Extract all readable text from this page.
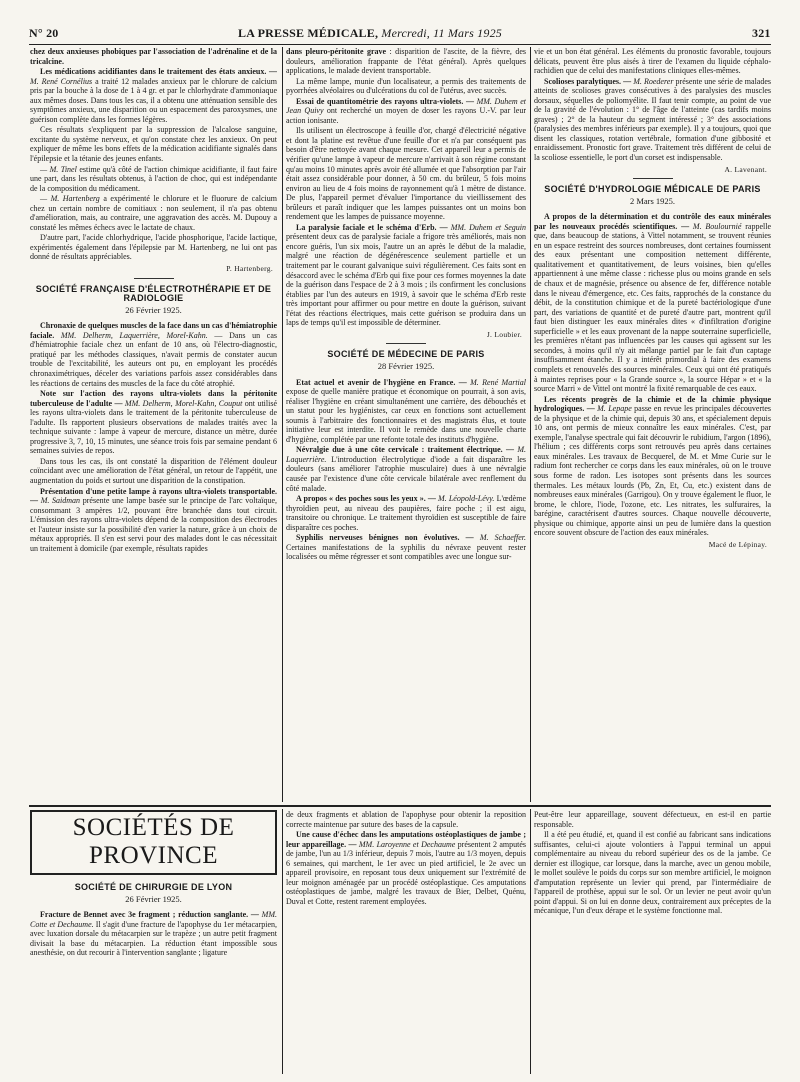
N° 20	LA PRESSE MÉDICALE, Mercredi, 11 Mars 1925	321

chez deux anxieuses phobiques par l'association de l'adrénaline et de la tricalcine.

Les médications acidifiantes dans le traitement des états anxieux. — M. René Cornélius a traité 12 malades anxieux par le chlorure de calcium pris par la bouche à la dose de 1 à 4 gr. et par le chlorhydrate d'ammoniaque aux mêmes doses. Dans tous les cas, il a obtenu une atténuation sensible des symptômes anxieux, une disparition ou un espacement des paroxysmes, une guérison complète dans les formes légères.

Ces résultats s'expliquent par la suppression de l'alcalose sanguine, excitante du système nerveux, et qu'on constate chez les anxieux. On peut expliquer de même les bons effets de la médication acidifiante signalés dans l'épilepsie et la tétanie des jeunes enfants.

— M. Tinel estime qu'à côté de l'action chimique acidifiante, il faut faire une part, dans les résultats obtenus, à l'action de choc, qui est indépendante de la composition du médicament.

— M. Hartenberg a expérimenté le chlorure et le fluorure de calcium chez un certain nombre de comitiaux : non seulement, il n'a pas obtenu d'amélioration, mais, au contraire, une aggravation des accès. M. Dupouy a constaté les mêmes échecs avec le lactate de chaux.

D'autre part, l'acide chlorhydrique, l'acide phosphorique, l'acide lactique, expérimentés également dans l'épilepsie par M. Hartenberg, ne lui ont pas donné de résultats appréciables.

P. Hartenberg.
SOCIÉTÉ FRANÇAISE D'ÉLECTROTHÉRAPIE ET DE RADIOLOGIE
26 Février 1925.

Chronaxie de quelques muscles de la face dans un cas d'hémiatrophie faciale. MM. Delherm, Laquerrière, Morel-Kahn. — Dans un cas d'hémiatrophie faciale chez un enfant de 10 ans, où l'électro-diagnostic, pratiqué par les méthodes classiques, n'avait permis de constater aucun trouble de l'excitabilité, les auteurs ont pu, en employant les procédés chronaximétriques, déceler des variations parfois assez considérables dans les réactions de certains des muscles de la face du côté atrophié.

Note sur l'action des rayons ultra-violets dans la péritonite tuberculeuse de l'adulte — MM. Delherm, Morel-Kahn, Couput ont utilisé les rayons ultra-violets dans le traitement de la péritonite tuberculeuse de l'adulte. Ils rapportent plusieurs observations de malades traités avec la technique suivante : lampe à vapeur de mercure, distance un mètre, durée progressive 3, 7, 10, 15 minutes, une séance trois fois par semaine pendant 6 semaines suivies de repos.

Dans tous les cas, ils ont constaté la disparition de l'élément douleur coïncidant avec une amélioration de l'état général, un retour de l'appétit, une augmentation du poids et surtout une disparition de la constipation.

Présentation d'une petite lampe à rayons ultra-violets transportable. — M. Saidman présente une lampe basée sur le principe de l'arc voltaïque, consommant 3 ampères 1/2, pouvant être branchée dans tout circuit. L'émission des rayons ultra-violets dépend de la composition des électrodes et l'auteur insiste sur la possibilité d'en varier la nature, grâce à un choix de métaux appropriés. Il s'en est servi pour des malades dont le cas nécessitait un traitement à domicile (par exemple, résultats rapides

dans pleuro-péritonite grave : disparition de l'ascite, de la fièvre, des douleurs, amélioration frappante de l'état général). Après quelques applications, le malade devient transportable.

La même lampe, munie d'un localisateur, a permis des traitements de pyorrhées alvéolaires ou d'ulcérations du col de l'utérus, avec succès.

Essai de quantitométrie des rayons ultra-violets. — MM. Duhem et Jean Quivy ont recherché un moyen de doser les rayons U.-V. par leur action ionisante.

Ils utilisent un électroscope à feuille d'or, chargé d'électricité négative et dont la platine est revêtue d'une feuille d'or et n'a par conséquent pas besoin d'être nettoyée avant chaque mesure. Cet appareil leur a permis de vérifier qu'une lampe à vapeur de mercure n'arrivait à son régime constant qu'au moins 10 minutes après avoir été allumée et que l'absorption par l'air était assez considérable pour donner, à 50 cm. du brûleur, 5 fois moins environ au lieu de 4 fois moins de rayonnement qu'à 1 mètre de distance. De plus, l'appareil permet d'évaluer l'importance du vieillissement des brûleurs et paraît indiquer que les lampes puissantes ont un moins bon rendement que les lampes de puissance moyenne.

La paralysie faciale et le schéma d'Erb. — MM. Duhem et Seguin présentent deux cas de paralysie faciale a frigore très améliorés, mais non encore guéris, l'un six mois, l'autre un an après le début de la maladie, malgré une réaction de dégénérescence seulement partielle et un traitement par le courant galvanique suivi régulièrement. Ces faits sont en désaccord avec le schéma d'Erb qui fixe pour ces formes moyennes la date de la guérison dans l'espace de 2 à 3 mois ; ils confirment les conclusions établies par l'un des auteurs en 1919, à savoir que le schéma d'Erb reste très important pour affirmer ou pour mettre en doute la guérison, suivant l'état des réactions électriques, mais cette guérison se produira dans un laps de temps qu'il est impossible de déterminer.

J. Loubier.
SOCIÉTÉ DE MÉDECINE DE PARIS
28 Février 1925.

Etat actuel et avenir de l'hygiène en France. — M. René Martial expose de quelle manière pratique et économique on pourrait, à son avis, réaliser l'hygiène en créant simultanément une carrière, des débouchés et un statut pour les hygiénistes, car ceux en fonctions sont actuellement soumis à l'arbitraire des fonctionnaires et des magistrats élus, et toute initiative leur est interdite. Il voit le remède dans une nouvelle charte d'hygiène, complétée par une refonte totale des instituts d'hygiène.

Névralgie due à une côte cervicale : traitement électrique. — M. Laquerrière. L'introduction électrolytique d'iode a fait disparaître les douleurs (sans améliorer l'atrophie musculaire) dues à une névralgie causée par l'existence d'une côte cervicale bilatérale avec renflement du côté malade.

A propos « des poches sous les yeux ». — M. Léopold-Lévy. L'œdème thyroïdien peut, au niveau des paupières, faire poche ; il est aigu, transitoire ou chronique. Le traitement thyroïdien est susceptible de faire disparaître ces poches.

Syphilis nerveuses bénignes non évolutives. — M. Schaeffer. Certaines manifestations de la syphilis du névraxe peuvent rester localisées ou même régresser et sont compatibles avec une longue sur-

vie et un bon état général. Les éléments du pronostic favorable, toujours délicats, peuvent être plus aisés à tirer de l'examen du liquide céphalo-rachidien que de celui des manifestations cliniques elles-mêmes.

Scolioses paralytiques. — M. Roederer présente une série de malades atteints de scolioses graves consécutives à des paralysies des muscles dorsaux, séquelles de poliomyélite. Il faut tenir compte, au point de vue de la gravité de l'évolution : 1° de l'âge de l'atteinte (cas tardifs moins graves) ; 2° de la hauteur du segment intéressé ; 3° des associations (paralysies des membres inférieurs par exemple). Il y a toujours, quoi que disent les classiques, rotation vertébrale, formation d'une gibbosité et enraidissement. Pronostic fort grave. Traitement très différent de celui de la scoliose essentielle, le port d'un corset est indispensable.

A. Lavenant.
SOCIÉTÉ D'HYDROLOGIE MÉDICALE DE PARIS
2 Mars 1925.

A propos de la détermination et du contrôle des eaux minérales par les nouveaux procédés scientifiques. — M. Boulournié rappelle que, dans beaucoup de stations, à Vittel notamment, se trouvent réunies en un espace restreint des sources nombreuses, dont certaines fournissent des eaux présentant une composition nettement différente, qualitativement et quantitativement, de leurs voisines, bien qu'elles appartiennent à une même classe : richesse plus ou moins grande en sels de chaux et de magnésie, présence ou absence de fer, différence notable dans le niveau d'émergence, etc. Ces faits, rapprochés de la constance du débit, de la constitution chimique et de la pureté bactériologique d'une part, des variations de quantité et de pureté d'autre part, montrent qu'il faut bien distinguer les eaux minérales dites « d'infiltration d'origine superficielle » et les eaux provenant de la nappe souterraine superficielle, les premières n'étant pas influencées par les causes qui agissent sur les secondes, à moins qu'il n'y ait mélange partiel par le fait d'un captage insuffisamment étanche. Il y a intérêt primordial à faire des examens complets et renouvelés des sources minérales. Ceux qui ont été pratiqués à maintes reprises pour « la Grande source », la source Hépar » et « la source Marri » de Vittel ont montré la fixité remarquable de ces eaux.

Les récents progrès de la chimie et de la chimie physique hydrologiques. — M. Lepape passe en revue les principales découvertes de la physique et de la chimie qui, depuis 30 ans, et spécialement depuis 10 ans, ont permis de mieux connaître les eaux minérales. C'est, par exemple, l'analyse spectrale qui fait découvrir le rubidium, l'argon (1896), l'hélium ; ces différents corps sont retrouvés peu après dans certaines eaux minérales. Les travaux de Becquerel, de M. et Mme Curie sur le radium font rechercher ce corps dans les eaux minérales, où on le trouve sous forme de radon. Les isotopes sont présents dans les sources thermales. Les métaux lourds (Pb, Zn, Et, Cu, etc.) existent dans de nombreuses eaux minérales (Garrigou). On y trouve également le fluor, le brome, le chlore, l'iode, l'ozone, etc. Les nitrates, les sulfuraires, la barégine, caractérisent d'autres sources. Chaque nouvelle découverte, physique ou chimique, apporte ainsi un peu de lumière dans la question encore souvent obscure de l'action des eaux minérales.

Macé de Lépinay.
SOCIÉTÉS DE PROVINCE
SOCIÉTÉ DE CHIRURGIE DE LYON
26 Février 1925.

Fracture de Bennet avec 3e fragment ; réduction sanglante. — MM. Cotte et Dechaume. Il s'agit d'une fracture de l'apophyse du 1er métacarpien, avec luxation dorsale du métacarpien sur le trapèze ; un autre petit fragment divisait la base du métacarpien. La réduction étant impossible sous anesthésie, on dut recourir à l'intervention sanglante ; ligature

de deux fragments et ablation de l'apophyse pour obtenir la reposition correcte maintenue par suture des bases de la capsule.

Une cause d'échec dans les amputations ostéoplastiques de jambe ; leur appareillage. — MM. Laroyenne et Dechaume présentent 2 amputés de jambe, l'un au 1/3 inférieur, depuis 7 mois, l'autre au 1/3 moyen, depuis 6 semaines, qui marchent, le 1er avec un pied artificiel, le 2e avec un appareil provisoire, en reposant tous deux uniquement sur l'extrémité de leur moignon aménagée par un procédé ostéoplastique. Ces amputations ostéoplastiques de jambe, malgré les travaux de Bier, Delbet, Quénu, Duval et Cotte, restent rarement employées.

Peut-être leur appareillage, souvent défectueux, en est-il en partie responsable.

Il a été peu étudié, et, quand il est confié au fabricant sans indications suffisantes, celui-ci ajoute volontiers à l'appui terminal un appui complémentaire au niveau du rebord supérieur des os de la jambe. Ce dernier est illogique, car lorsque, dans la marche, avec un genou mobile, le mollet soulève le poids du corps sur son membre artificiel, le moignon d'amputation représente un levier qui prend, par l'intermédiaire de l'appareil de prothèse, appui sur le sol. Or un levier ne peut avoir qu'un point d'appui. Si on lui en donne deux, contrairement aux préceptes de la mécanique, l'un d'eux dérape et le système fonctionne mal.
